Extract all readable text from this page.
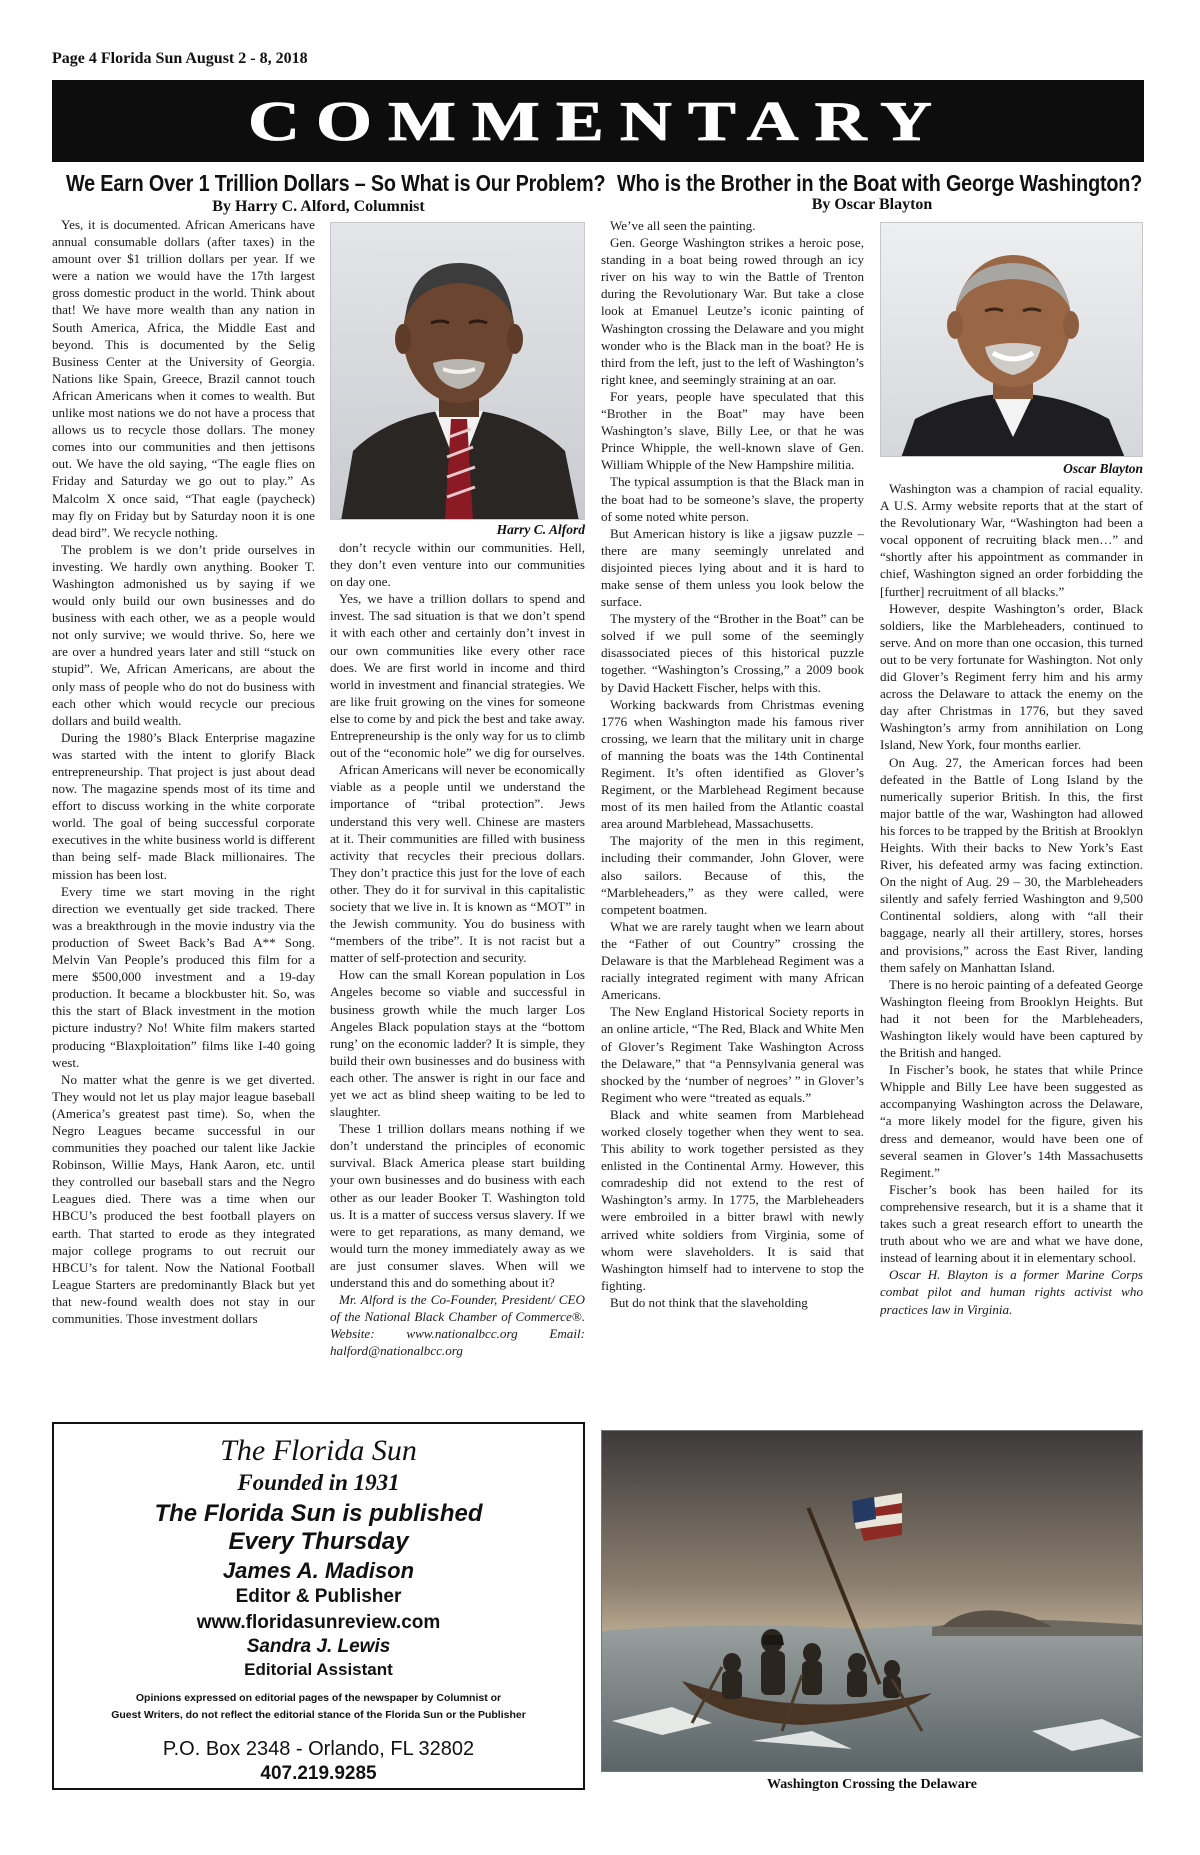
Page 4 Florida Sun August 2 - 8, 2018
COMMENTARY
We Earn Over 1 Trillion Dollars – So What is Our Problem?
By Harry C. Alford, Columnist

Yes, it is documented. African Americans have annual consumable dollars (after taxes) in the amount over $1 trillion dollars per year. If we were a nation we would have the 17th largest gross domestic product in the world. Think about that! We have more wealth than any nation in South America, Africa, the Middle East and beyond. This is documented by the Selig Business Center at the University of Georgia. Nations like Spain, Greece, Brazil cannot touch African Americans when it comes to wealth. But unlike most nations we do not have a process that allows us to recycle those dollars. The money comes into our communities and then jettisons out. We have the old saying, “The eagle flies on Friday and Saturday we go out to play.” As Malcolm X once said, “That eagle (paycheck) may fly on Friday but by Saturday noon it is one dead bird”. We recycle nothing.

The problem is we don’t pride ourselves in investing. We hardly own anything. Booker T. Washington admonished us by saying if we would only build our own businesses and do business with each other, we as a people would not only survive; we would thrive. So, here we are over a hundred years later and still “stuck on stupid”. We, African Americans, are about the only mass of people who do not do business with each other which would recycle our precious dollars and build wealth.

During the 1980’s Black Enterprise magazine was started with the intent to glorify Black entrepreneurship. That project is just about dead now. The magazine spends most of its time and effort to discuss working in the white corporate world. The goal of being successful corporate executives in the white business world is different than being self- made Black millionaires. The mission has been lost.

Every time we start moving in the right direction we eventually get side tracked. There was a breakthrough in the movie industry via the production of Sweet Back’s Bad A** Song. Melvin Van People’s produced this film for a mere $500,000 investment and a 19-day production. It became a blockbuster hit. So, was this the start of Black investment in the motion picture industry? No! White film makers started producing “Blaxploitation” films like I-40 going west.

No matter what the genre is we get diverted. They would not let us play major league baseball (America’s greatest past time). So, when the Negro Leagues became successful in our communities they poached our talent like Jackie Robinson, Willie Mays, Hank Aaron, etc. until they controlled our baseball stars and the Negro Leagues died. There was a time when our HBCU’s produced the best football players on earth. That started to erode as they integrated major college programs to out recruit our HBCU’s for talent. Now the National Football League Starters are predominantly Black but yet that new-found wealth does not stay in our communities. Those investment dollars

Harry C. Alford

don’t recycle within our communities. Hell, they don’t even venture into our communities on day one.

Yes, we have a trillion dollars to spend and invest. The sad situation is that we don’t spend it with each other and certainly don’t invest in our own communities like every other race does. We are first world in income and third world in investment and financial strategies. We are like fruit growing on the vines for someone else to come by and pick the best and take away. Entrepreneurship is the only way for us to climb out of the “economic hole” we dig for ourselves.

African Americans will never be economically viable as a people until we understand the importance of “tribal protection”. Jews understand this very well. Chinese are masters at it. Their communities are filled with business activity that recycles their precious dollars. They don’t practice this just for the love of each other. They do it for survival in this capitalistic society that we live in. It is known as “MOT” in the Jewish community. You do business with “members of the tribe”. It is not racist but a matter of self-protection and security.

How can the small Korean population in Los Angeles become so viable and successful in business growth while the much larger Los Angeles Black population stays at the “bottom rung’ on the economic ladder? It is simple, they build their own businesses and do business with each other. The answer is right in our face and yet we act as blind sheep waiting to be led to slaughter.

These 1 trillion dollars means nothing if we don’t understand the principles of economic survival. Black America please start building your own businesses and do business with each other as our leader Booker T. Washington told us. It is a matter of success versus slavery. If we were to get reparations, as many demand, we would turn the money immediately away as we are just consumer slaves. When will we understand this and do something about it?

Mr. Alford is the Co-Founder, President/ CEO of the National Black Chamber of Commerce®. Website: www.nationalbcc.org Email: halford@nationalbcc.org

Who is the Brother in the Boat with George Washington?
By Oscar Blayton

We’ve all seen the painting.

Gen. George Washington strikes a heroic pose, standing in a boat being rowed through an icy river on his way to win the Battle of Trenton during the Revolutionary War. But take a close look at Emanuel Leutze’s iconic painting of Washington crossing the Delaware and you might wonder who is the Black man in the boat? He is third from the left, just to the left of Washington’s right knee, and seemingly straining at an oar.

For years, people have speculated that this “Brother in the Boat” may have been Washington’s slave, Billy Lee, or that he was Prince Whipple, the well-known slave of Gen. William Whipple of the New Hampshire militia.

The typical assumption is that the Black man in the boat had to be someone’s slave, the property of some noted white person.

But American history is like a jigsaw puzzle – there are many seemingly unrelated and disjointed pieces lying about and it is hard to make sense of them unless you look below the surface.

The mystery of the “Brother in the Boat” can be solved if we pull some of the seemingly disassociated pieces of this historical puzzle together. “Washington’s Crossing,” a 2009 book by David Hackett Fischer, helps with this.

Working backwards from Christmas evening 1776 when Washington made his famous river crossing, we learn that the military unit in charge of manning the boats was the 14th Continental Regiment. It’s often identified as Glover’s Regiment, or the Marblehead Regiment because most of its men hailed from the Atlantic coastal area around Marblehead, Massachusetts.

The majority of the men in this regiment, including their commander, John Glover, were also sailors. Because of this, the “Marbleheaders,” as they were called, were competent boatmen.

What we are rarely taught when we learn about the “Father of out Country” crossing the Delaware is that the Marblehead Regiment was a racially integrated regiment with many African Americans.

The New England Historical Society reports in an online article, “The Red, Black and White Men of Glover’s Regiment Take Washington Across the Delaware,” that “a Pennsylvania general was shocked by the ‘number of negroes’ ” in Glover’s Regiment who were “treated as equals.”

Black and white seamen from Marblehead worked closely together when they went to sea. This ability to work together persisted as they enlisted in the Continental Army. However, this comradeship did not extend to the rest of Washington’s army. In 1775, the Marbleheaders were embroiled in a bitter brawl with newly arrived white soldiers from Virginia, some of whom were slaveholders. It is said that Washington himself had to intervene to stop the fighting.

But do not think that the slaveholding

Oscar Blayton

Washington was a champion of racial equality. A U.S. Army website reports that at the start of the Revolutionary War, “Washington had been a vocal opponent of recruiting black men…” and “shortly after his appointment as commander in chief, Washington signed an order forbidding the [further] recruitment of all blacks.”

However, despite Washington’s order, Black soldiers, like the Marbleheaders, continued to serve. And on more than one occasion, this turned out to be very fortunate for Washington. Not only did Glover’s Regiment ferry him and his army across the Delaware to attack the enemy on the day after Christmas in 1776, but they saved Washington’s army from annihilation on Long Island, New York, four months earlier.

On Aug. 27, the American forces had been defeated in the Battle of Long Island by the numerically superior British. In this, the first major battle of the war, Washington had allowed his forces to be trapped by the British at Brooklyn Heights. With their backs to New York’s East River, his defeated army was facing extinction. On the night of Aug. 29 – 30, the Marbleheaders silently and safely ferried Washington and 9,500 Continental soldiers, along with “all their baggage, nearly all their artillery, stores, horses and provisions,” across the East River, landing them safely on Manhattan Island.

There is no heroic painting of a defeated George Washington fleeing from Brooklyn Heights. But had it not been for the Marbleheaders, Washington likely would have been captured by the British and hanged.

In Fischer’s book, he states that while Prince Whipple and Billy Lee have been suggested as accompanying Washington across the Delaware, “a more likely model for the figure, given his dress and demeanor, would have been one of several seamen in Glover’s 14th Massachusetts Regiment.”

Fischer’s book has been hailed for its comprehensive research, but it is a shame that it takes such a great research effort to unearth the truth about who we are and what we have done, instead of learning about it in elementary school.

Oscar H. Blayton is a former Marine Corps combat pilot and human rights activist who practices law in Virginia.

The Florida Sun
Founded in 1931
The Florida Sun is published
Every Thursday
James A. Madison
Editor & Publisher
www.floridasunreview.com
Sandra J. Lewis
Editorial Assistant
Opinions expressed on editorial pages of the newspaper by Columnist or
Guest Writers, do not reflect the editorial stance of the Florida Sun or the Publisher
P.O. Box 2348 - Orlando, FL 32802
407.219.9285
Washington Crossing the Delaware
